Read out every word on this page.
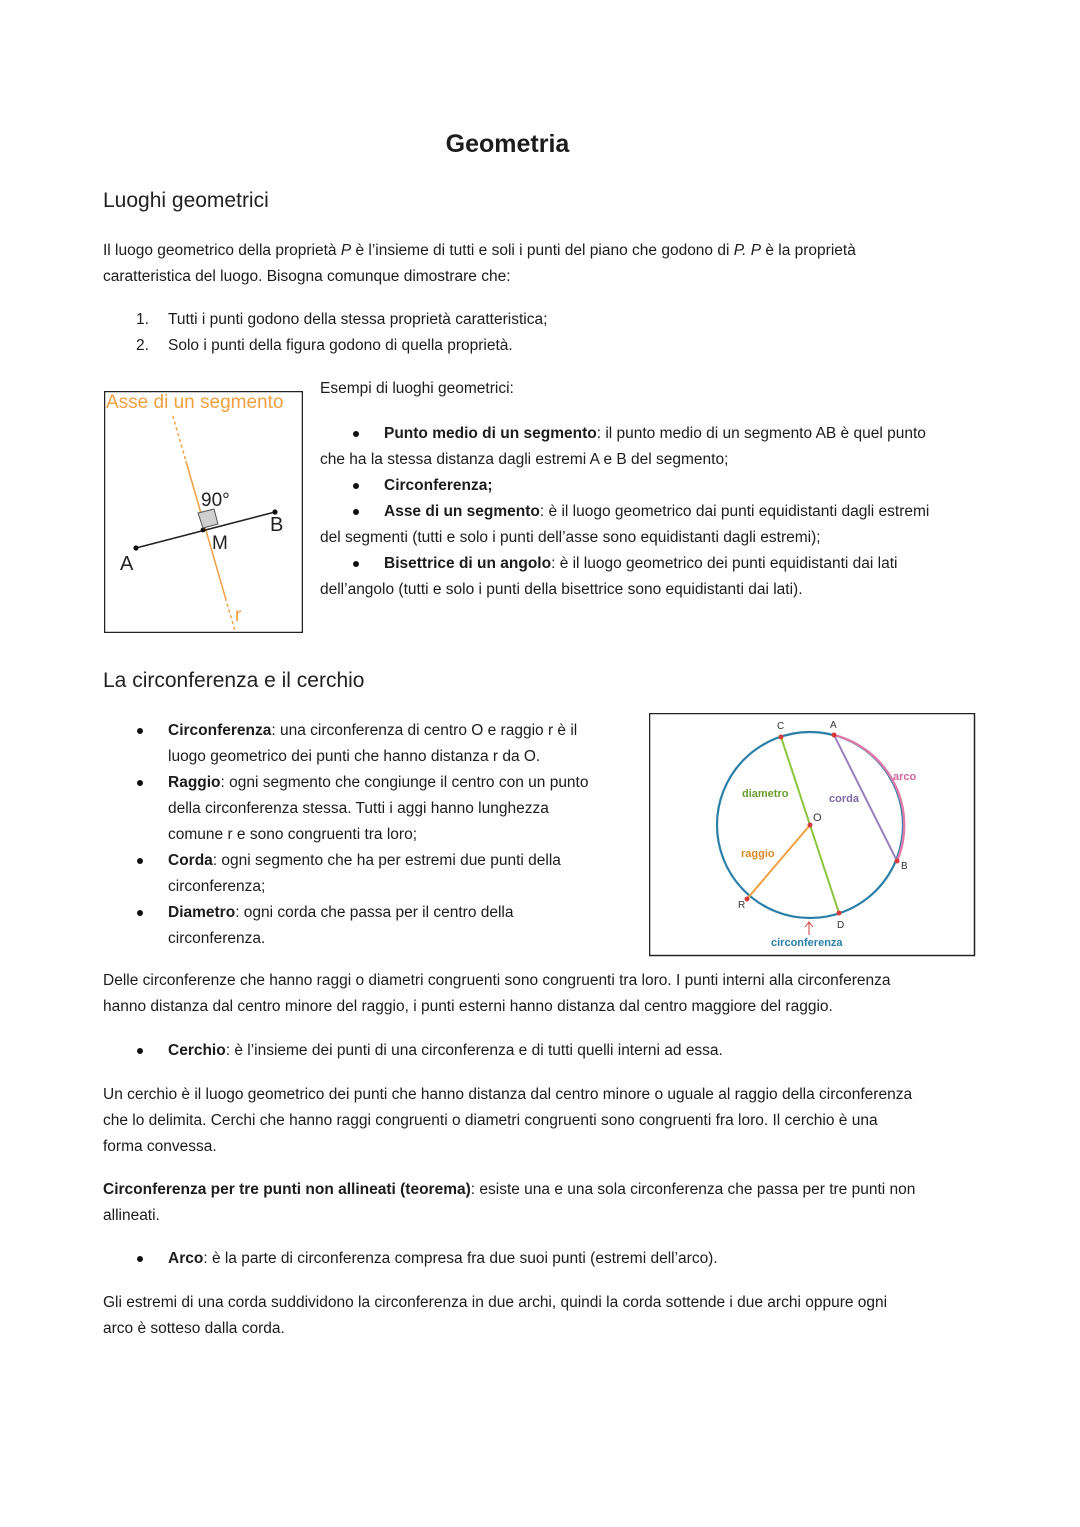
Geometria
Luoghi geometrici
Il luogo geometrico della proprietà P è l’insieme di tutti e soli i punti del piano che godono di P. P è la proprietà
caratteristica del luogo. Bisogna comunque dimostrare che:
1. Tutti i punti godono della stessa proprietà caratteristica;
2. Solo i punti della figura godono di quella proprietà.
Asse di un segmento
90°
M
B
A
r
Esempi di luoghi geometrici:
Punto medio di un segmento: il punto medio di un segmento AB è quel punto
che ha la stessa distanza dagli estremi A e B del segmento;
Circonferenza;
Asse di un segmento: è il luogo geometrico dai punti equidistanti dagli estremi
del segmenti (tutti e solo i punti dell’asse sono equidistanti dagli estremi);
Bisettrice di un angolo: è il luogo geometrico dei punti equidistanti dai lati
dell’angolo (tutti e solo i punti della bisettrice sono equidistanti dai lati).
La circonferenza e il cerchio
Circonferenza: una circonferenza di centro O e raggio r è il
luogo geometrico dei punti che hanno distanza r da O.
Raggio: ogni segmento che congiunge il centro con un punto
della circonferenza stessa. Tutti i aggi hanno lunghezza
comune r e sono congruenti tra loro;
Corda: ogni segmento che ha per estremi due punti della
circonferenza;
Diametro: ogni corda che passa per il centro della
circonferenza.
C	A
O
B
R
D
diametro	corda
arco
raggio
circonferenza
Delle circonferenze che hanno raggi o diametri congruenti sono congruenti tra loro. I punti interni alla circonferenza
hanno distanza dal centro minore del raggio, i punti esterni hanno distanza dal centro maggiore del raggio.
Cerchio: è l’insieme dei punti di una circonferenza e di tutti quelli interni ad essa.
Un cerchio è il luogo geometrico dei punti che hanno distanza dal centro minore o uguale al raggio della circonferenza
che lo delimita. Cerchi che hanno raggi congruenti o diametri congruenti sono congruenti fra loro. Il cerchio è una
forma convessa.
Circonferenza per tre punti non allineati (teorema): esiste una e una sola circonferenza che passa per tre punti non
allineati.
Arco: è la parte di circonferenza compresa fra due suoi punti (estremi dell’arco).
Gli estremi di una corda suddividono la circonferenza in due archi, quindi la corda sottende i due archi oppure ogni
arco è sotteso dalla corda.
